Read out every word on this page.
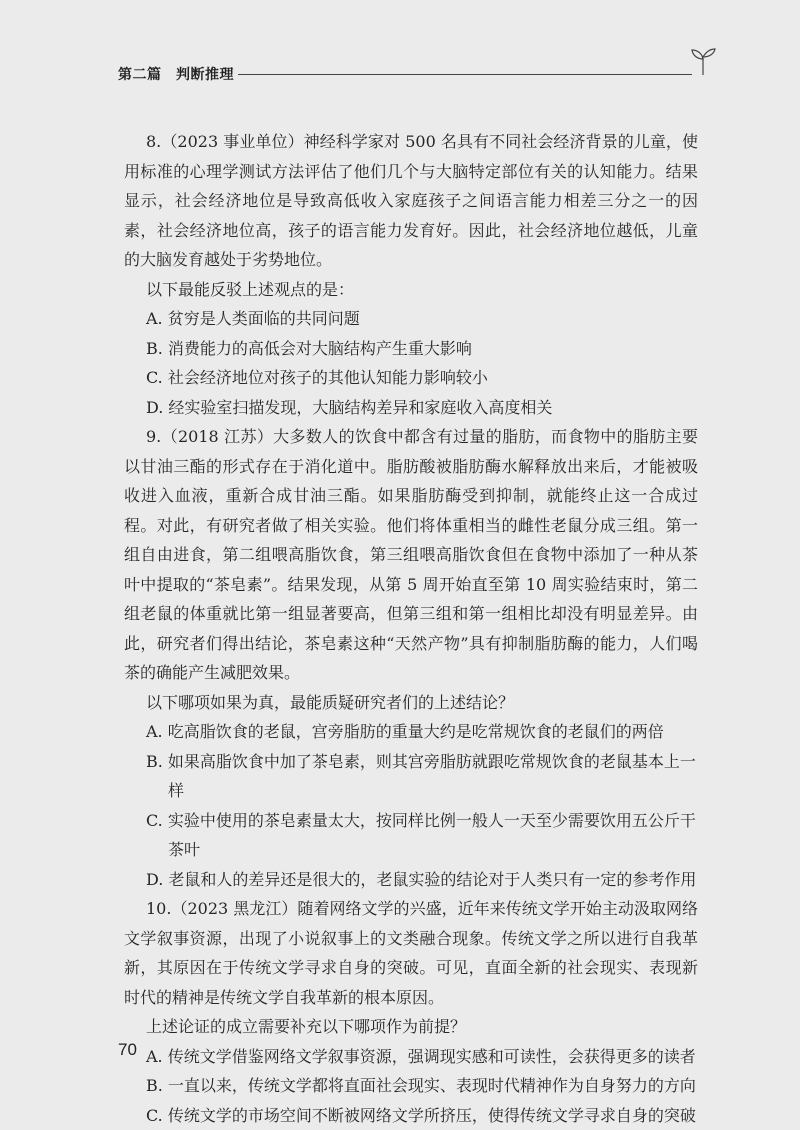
第二篇　判断推理

8.（2023 事业单位）神经科学家对 500 名具有不同社会经济背景的儿童，使用标准的心理学测试方法评估了他们几个与大脑特定部位有关的认知能力。结果显示，社会经济地位是导致高低收入家庭孩子之间语言能力相差三分之一的因素，社会经济地位高，孩子的语言能力发育好。因此，社会经济地位越低，儿童的大脑发育越处于劣势地位。

以下最能反驳上述观点的是：

A. 贫穷是人类面临的共同问题

B. 消费能力的高低会对大脑结构产生重大影响

C. 社会经济地位对孩子的其他认知能力影响较小

D. 经实验室扫描发现，大脑结构差异和家庭收入高度相关

9.（2018 江苏）大多数人的饮食中都含有过量的脂肪，而食物中的脂肪主要以甘油三酯的形式存在于消化道中。脂肪酸被脂肪酶水解释放出来后，才能被吸收进入血液，重新合成甘油三酯。如果脂肪酶受到抑制，就能终止这一合成过程。对此，有研究者做了相关实验。他们将体重相当的雌性老鼠分成三组。第一组自由进食，第二组喂高脂饮食，第三组喂高脂饮食但在食物中添加了一种从茶叶中提取的“茶皂素”。结果发现，从第 5 周开始直至第 10 周实验结束时，第二组老鼠的体重就比第一组显著要高，但第三组和第一组相比却没有明显差异。由此，研究者们得出结论，茶皂素这种“天然产物”具有抑制脂肪酶的能力，人们喝茶的确能产生减肥效果。

以下哪项如果为真，最能质疑研究者们的上述结论？

A. 吃高脂饮食的老鼠，宫旁脂肪的重量大约是吃常规饮食的老鼠们的两倍

B. 如果高脂饮食中加了茶皂素，则其宫旁脂肪就跟吃常规饮食的老鼠基本上一样

C. 实验中使用的茶皂素量太大，按同样比例一般人一天至少需要饮用五公斤干茶叶

D. 老鼠和人的差异还是很大的，老鼠实验的结论对于人类只有一定的参考作用

10.（2023 黑龙江）随着网络文学的兴盛，近年来传统文学开始主动汲取网络文学叙事资源，出现了小说叙事上的文类融合现象。传统文学之所以进行自我革新，其原因在于传统文学寻求自身的突破。可见，直面全新的社会现实、表现新时代的精神是传统文学自我革新的根本原因。

上述论证的成立需要补充以下哪项作为前提？

A. 传统文学借鉴网络文学叙事资源，强调现实感和可读性，会获得更多的读者

B. 一直以来，传统文学都将直面社会现实、表现时代精神作为自身努力的方向

C. 传统文学的市场空间不断被网络文学所挤压，使得传统文学寻求自身的突破

70
